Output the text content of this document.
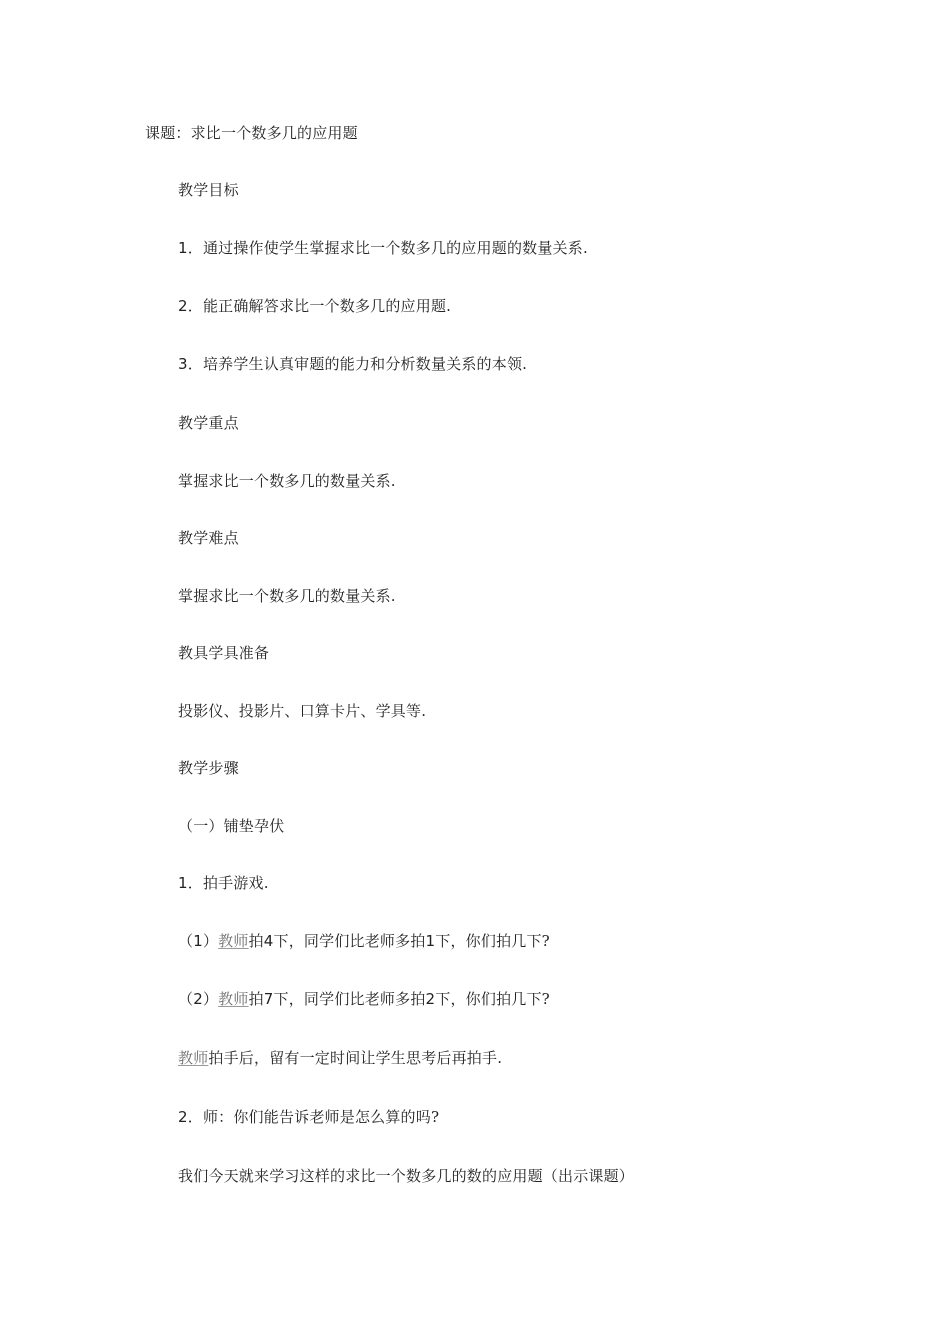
课题：求比一个数多几的应用题
教学目标
1．通过操作使学生掌握求比一个数多几的应用题的数量关系.
2．能正确解答求比一个数多几的应用题.
3．培养学生认真审题的能力和分析数量关系的本领.
教学重点
掌握求比一个数多几的数量关系.
教学难点
掌握求比一个数多几的数量关系.
教具学具准备
投影仪、投影片、口算卡片、学具等.
教学步骤
（一）铺垫孕伏
1．拍手游戏.
（1）教师拍4下，同学们比老师多拍1下，你们拍几下?
（2）教师拍7下，同学们比老师多拍2下，你们拍几下?
教师拍手后，留有一定时间让学生思考后再拍手.
2．师：你们能告诉老师是怎么算的吗?
我们今天就来学习这样的求比一个数多几的数的应用题（出示课题）
